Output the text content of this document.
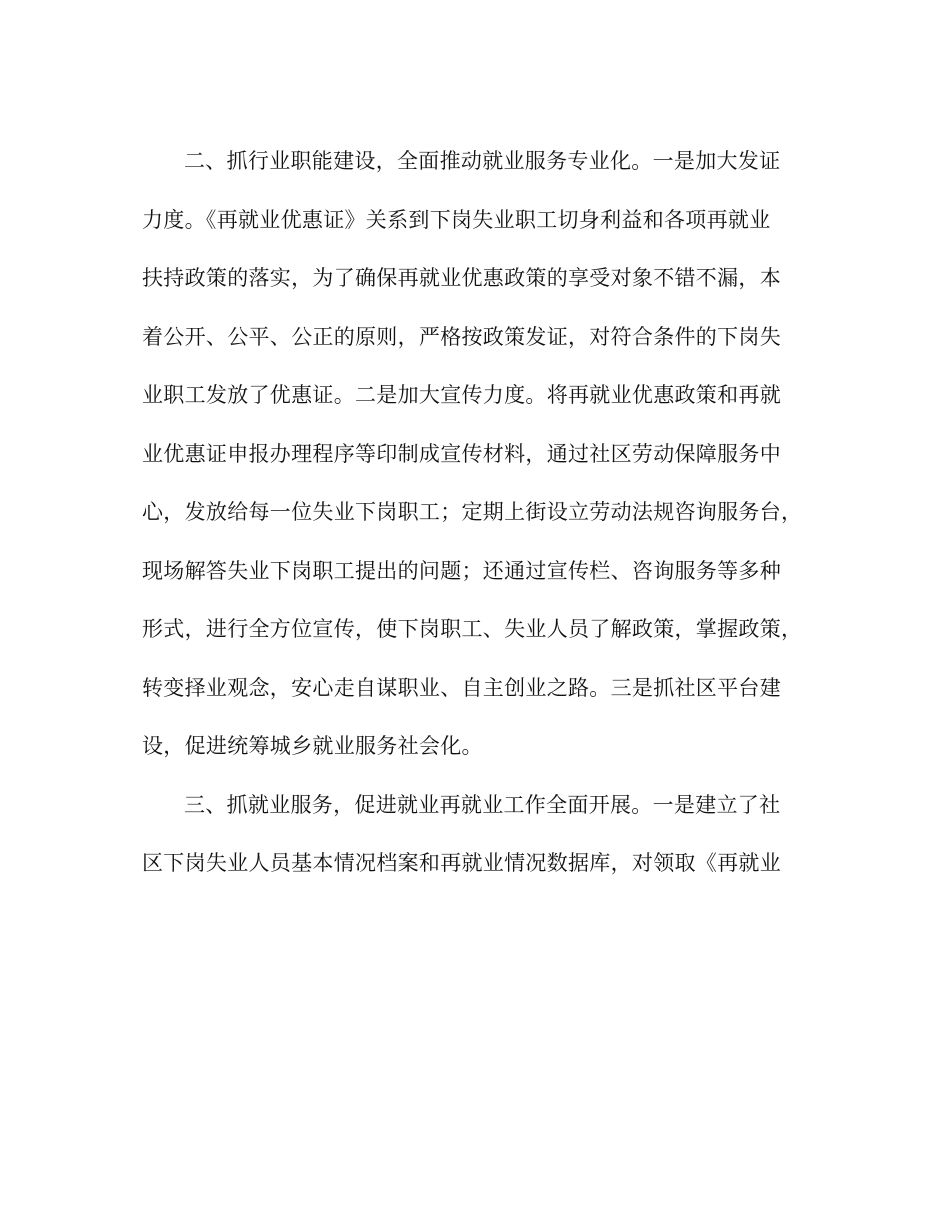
二、抓行业职能建设，全面推动就业服务专业化。一是加大发证
力度。《再就业优惠证》关系到下岗失业职工切身利益和各项再就业
扶持政策的落实，为了确保再就业优惠政策的享受对象不错不漏，本
着公开、公平、公正的原则，严格按政策发证，对符合条件的下岗失
业职工发放了优惠证。二是加大宣传力度。将再就业优惠政策和再就
业优惠证申报办理程序等印制成宣传材料，通过社区劳动保障服务中
心，发放给每一位失业下岗职工；定期上街设立劳动法规咨询服务台，
现场解答失业下岗职工提出的问题；还通过宣传栏、咨询服务等多种
形式，进行全方位宣传，使下岗职工、失业人员了解政策，掌握政策，
转变择业观念，安心走自谋职业、自主创业之路。三是抓社区平台建
设，促进统筹城乡就业服务社会化。
三、抓就业服务，促进就业再就业工作全面开展。一是建立了社
区下岗失业人员基本情况档案和再就业情况数据库，对领取《再就业
